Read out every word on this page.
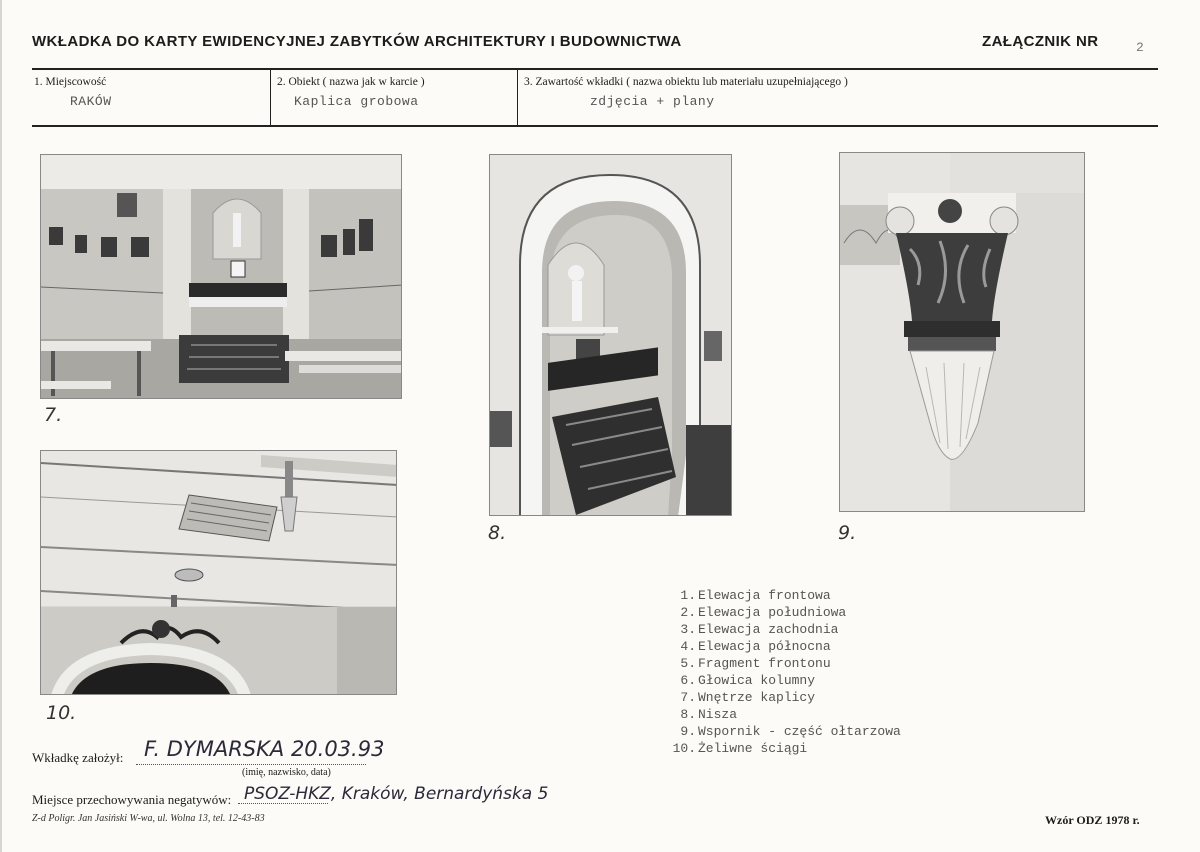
WKŁADKA DO KARTY EWIDENCYJNEJ ZABYTKÓW ARCHITEKTURY I BUDOWNICTWA	ZAŁĄCZNIK NR	2
1. Miejscowość
RAKÓW
2. Obiekt ( nazwa jak w karcie )
Kaplica grobowa
3. Zawartość wkładki ( nazwa obiektu lub materiału uzupełniającego )
zdjęcia + plany
7.
8.	9.
10.
1. Elewacja frontowa
2. Elewacja południowa
3. Elewacja zachodnia
4. Elewacja północna
5. Fragment frontonu
6. Głowica kolumny
7. Wnętrze kaplicy
8. Nisza
9. Wspornik - część ołtarzowa
10. Żeliwne ściągi
Wkładkę założył: F. DYMARSKA 20.03.93
(imię, nazwisko, data)
Miejsce przechowywania negatywów: PSOZ-HKZ, Kraków, Bernardyńska 5
Z-d Poligr. Jan Jasiński W-wa, ul. Wolna 13, tel. 12-43-83	Wzór ODZ 1978 r.
